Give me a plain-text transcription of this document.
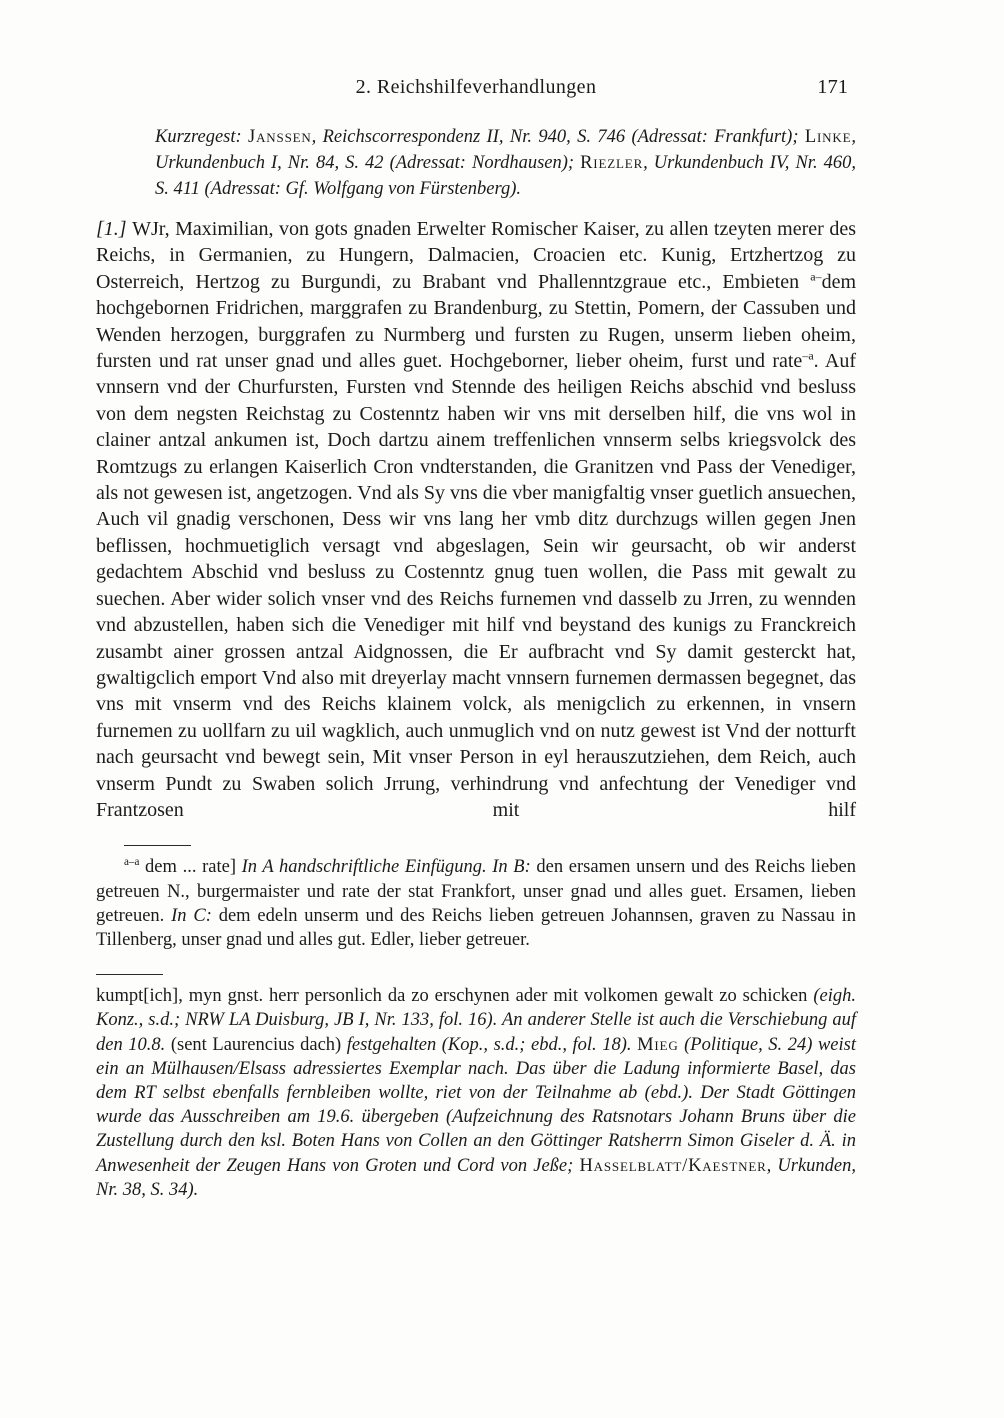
2. Reichshilfeverhandlungen	171

Kurzregest: Janssen, Reichscorrespondenz II, Nr. 940, S. 746 (Adressat: Frankfurt); Linke, Urkundenbuch I, Nr. 84, S. 42 (Adressat: Nordhausen); Riezler, Urkundenbuch IV, Nr. 460, S. 411 (Adressat: Gf. Wolfgang von Fürstenberg).

[1.] WJr, Maximilian, von gots gnaden Erwelter Romischer Kaiser, zu allen tzeyten merer des Reichs, in Germanien, zu Hungern, Dalmacien, Croacien etc. Kunig, Ertzhertzog zu Osterreich, Hertzog zu Burgundi, zu Brabant vnd Phallenntzgraue etc., Embieten $^{a-}$dem hochgebornen Fridrichen, marggrafen zu Brandenburg, zu Stettin, Pomern, der Cassuben und Wenden herzogen, burggrafen zu Nurmberg und fursten zu Rugen, unserm lieben oheim, fursten und rat unser gnad und alles guet. Hochgeborner, lieber oheim, furst und rate$^{-a}$. Auf vnnsern vnd der Churfursten, Fursten vnd Stennde des heiligen Reichs abschid vnd besluss von dem negsten Reichstag zu Costenntz haben wir vns mit derselben hilf, die vns wol in clainer antzal ankumen ist, Doch dartzu ainem treffenlichen vnnserm selbs kriegsvolck des Romtzugs zu erlangen Kaiserlich Cron vndterstanden, die Granitzen vnd Pass der Venediger, als not gewesen ist, angetzogen. Vnd als Sy vns die vber manigfaltig vnser guetlich ansuechen, Auch vil gnadig verschonen, Dess wir vns lang her vmb ditz durchzugs willen gegen Jnen beflissen, hochmuetiglich versagt vnd abgeslagen, Sein wir geursacht, ob wir anderst gedachtem Abschid vnd besluss zu Costenntz gnug tuen wollen, die Pass mit gewalt zu suechen. Aber wider solich vnser vnd des Reichs furnemen vnd dasselb zu Jrren, zu wennden vnd abzustellen, haben sich die Venediger mit hilf vnd beystand des kunigs zu Franckreich zusambt ainer grossen antzal Aidgnossen, die Er aufbracht vnd Sy damit gesterckt hat, gwaltigclich emport Vnd also mit dreyerlay macht vnnsern furnemen dermassen begegnet, das vns mit vnserm vnd des Reichs klainem volck, als menigclich zu erkennen, in vnsern furnemen zu uollfarn zu uil wagklich, auch unmuglich vnd on nutz gewest ist Vnd der notturft nach geursacht vnd bewegt sein, Mit vnser Person in eyl herauszutziehen, dem Reich, auch vnserm Pundt zu Swaben solich Jrrung, verhindrung vnd anfechtung der Venediger vnd Frantzosen mit hilf

$^{a-a}$ dem ... rate] In A handschriftliche Einfügung. In B: den ersamen unsern und des Reichs lieben getreuen N., burgermaister und rate der stat Frankfort, unser gnad und alles guet. Ersamen, lieben getreuen. In C: dem edeln unserm und des Reichs lieben getreuen Johannsen, graven zu Nassau in Tillenberg, unser gnad und alles gut. Edler, lieber getreuer.

kumpt[ich], myn gnst. herr personlich da zo erschynen ader mit volkomen gewalt zo schicken (eigh. Konz., s.d.; NRW LA Duisburg, JB I, Nr. 133, fol. 16). An anderer Stelle ist auch die Verschiebung auf den 10.8. (sent Laurencius dach) festgehalten (Kop., s.d.; ebd., fol. 18). Mieg (Politique, S. 24) weist ein an Mülhausen/Elsass adressiertes Exemplar nach. Das über die Ladung informierte Basel, das dem RT selbst ebenfalls fernbleiben wollte, riet von der Teilnahme ab (ebd.). Der Stadt Göttingen wurde das Ausschreiben am 19.6. übergeben (Aufzeichnung des Ratsnotars Johann Bruns über die Zustellung durch den ksl. Boten Hans von Collen an den Göttinger Ratsherrn Simon Giseler d. Ä. in Anwesenheit der Zeugen Hans von Groten und Cord von Jeße; Hasselblatt/Kaestner, Urkunden, Nr. 38, S. 34).
